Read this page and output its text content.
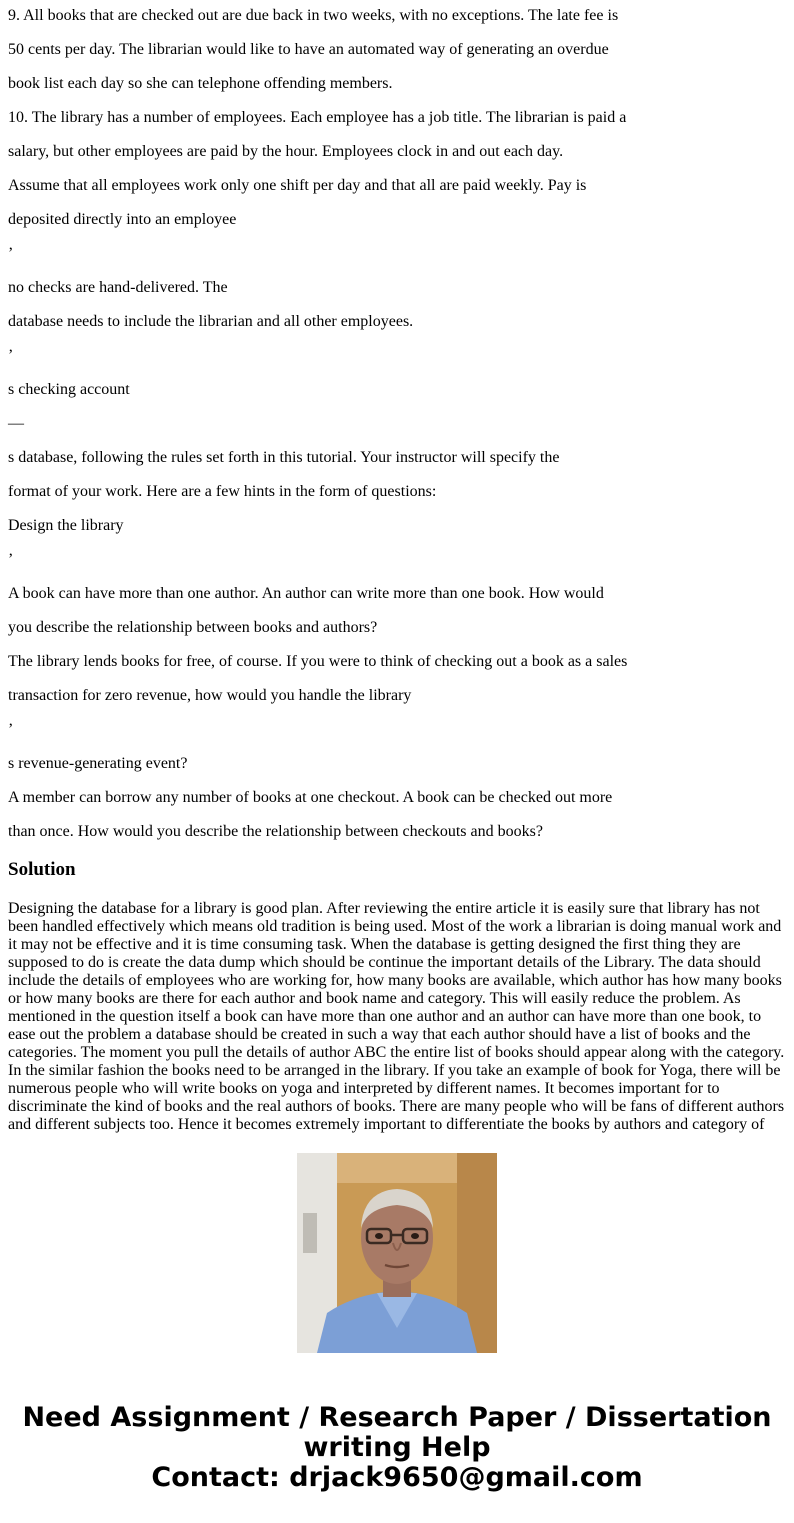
9. All books that are checked out are due back in two weeks, with no exceptions. The late fee is
50 cents per day. The librarian would like to have an automated way of generating an overdue
book list each day so she can telephone offending members.
10. The library has a number of employees. Each employee has a job title. The librarian is paid a
salary, but other employees are paid by the hour. Employees clock in and out each day.
Assume that all employees work only one shift per day and that all are paid weekly. Pay is
deposited directly into an employee
’
no checks are hand-delivered. The
database needs to include the librarian and all other employees.
’
s checking account
—
s database, following the rules set forth in this tutorial. Your instructor will specify the
format of your work. Here are a few hints in the form of questions:
Design the library
’
A book can have more than one author. An author can write more than one book. How would
you describe the relationship between books and authors?
The library lends books for free, of course. If you were to think of checking out a book as a sales
transaction for zero revenue, how would you handle the library
’
s revenue-generating event?
A member can borrow any number of books at one checkout. A book can be checked out more
than once. How would you describe the relationship between checkouts and books?
Solution

Designing the database for a library is good plan. After reviewing the entire article it is easily sure that library has not been handled effectively which means old tradition is being used. Most of the work a librarian is doing manual work and it may not be effective and it is time consuming task. When the database is getting designed the first thing they are supposed to do is create the data dump which should be continue the important details of the Library. The data should include the details of employees who are working for, how many books are available, which author has how many books or how many books are there for each author and book name and category. This will easily reduce the problem. As mentioned in the question itself a book can have more than one author and an author can have more than one book, to ease out the problem a database should be created in such a way that each author should have a list of books and the categories. The moment you pull the details of author ABC the entire list of books should appear along with the category. In the similar fashion the books need to be arranged in the library. If you take an example of book for Yoga, there will be numerous people who will write books on yoga and interpreted by different names. It becomes important for to discriminate the kind of books and the real authors of books. There are many people who will be fans of different authors and different subjects too. Hence it becomes extremely important to differentiate the books by authors and category of

Need Assignment / Research Paper / Dissertation
writing Help
Contact: drjack9650@gmail.com
